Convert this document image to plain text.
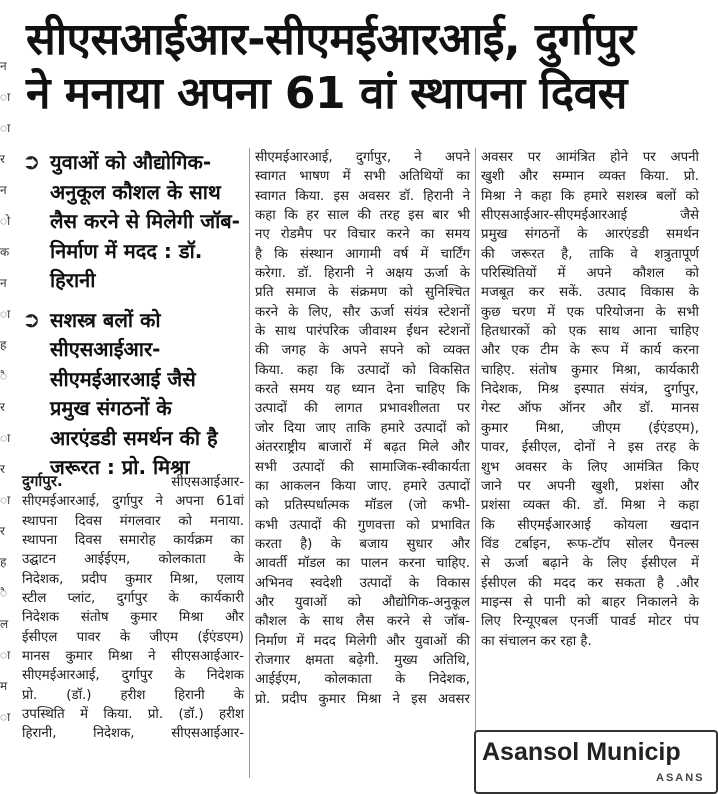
न
ा
ा
र
न
ो
क
न
ा
ह
ै
र
ा
र
ा
र
ह
ै
ल
ा
म
ा
सीएसआईआर-सीएमईआरआई, दुर्गापुर
ने मनाया अपना 61 वां स्थापना दिवस
➲ युवाओं को औद्योगिक-अनुकूल कौशल के साथ लैस करने से मिलेगी जॉब-निर्माण में मदद : डॉ. हिरानी
➲ सशस्त्र बलों को सीएसआईआर-सीएमईआरआई जैसे प्रमुख संगठनों के आरएंडडी समर्थन की है जरूरत : प्रो. मिश्रा
दुर्गापुर.	सीएसआईआर-
सीएमईआरआई, दुर्गापुर ने अपना 61वां
स्थापना दिवस मंगलवार को मनाया.
स्थापना दिवस समारोह कार्यक्रम का
उद्घाटन आईईएम, कोलकाता के
निदेशक, प्रदीप कुमार मिश्रा, एलाय
स्टील प्लांट, दुर्गापुर के कार्यकारी
निदेशक संतोष कुमार मिश्रा और
ईसीएल पावर के जीएम (ईएंडएम)
मानस कुमार मिश्रा ने सीएसआईआर-
सीएमईआरआई, दुर्गापुर के निदेशक
प्रो. (डॉ.) हरीश हिरानी के
उपस्थिति में किया. प्रो. (डॉ.) हरीश
हिरानी, निदेशक, सीएसआईआर-
सीएमईआरआई, दुर्गापुर, ने अपने
स्वागत भाषण में सभी अतिथियों का
स्वागत किया. इस अवसर डॉ. हिरानी ने
कहा कि हर साल की तरह इस बार भी
नए रोडमैप पर विचार करने का समय
है कि संस्थान आगामी वर्ष में चार्टिंग
करेगा. डॉ. हिरानी ने अक्षय ऊर्जा के
प्रति समाज के संक्रमण को सुनिश्चित
करने के लिए, सौर ऊर्जा संयंत्र स्टेशनों
के साथ पारंपरिक जीवाश्म ईंधन स्टेशनों
की जगह के अपने सपने को व्यक्त
किया. कहा कि उत्पादों को विकसित
करते समय यह ध्यान देना चाहिए कि
उत्पादों की लागत प्रभावशीलता पर
जोर दिया जाए ताकि हमारे उत्पादों को
अंतरराष्ट्रीय बाजारों में बढ़त मिले और
सभी उत्पादों की सामाजिक-स्वीकार्यता
का आकलन किया जाए. हमारे उत्पादों
को प्रतिस्पर्धात्मक मॉडल (जो कभी-
कभी उत्पादों की गुणवत्ता को प्रभावित
करता है) के बजाय सुधार और
आवर्ती मॉडल का पालन करना चाहिए.
अभिनव स्वदेशी उत्पादों के विकास
और युवाओं को औद्योगिक-अनुकूल
कौशल के साथ लैस करने से जॉब-
निर्माण में मदद मिलेगी और युवाओं की
रोजगार क्षमता बढ़ेगी. मुख्य अतिथि,
आईईएम, कोलकाता के निदेशक,
प्रो. प्रदीप कुमार मिश्रा ने इस अवसर
अवसर पर आमंत्रित होने पर अपनी
खुशी और सम्मान व्यक्त किया. प्रो.
मिश्रा ने कहा कि हमारे सशस्त्र बलों को
सीएसआईआर-सीएमईआरआई जैसे
प्रमुख संगठनों के आरएंडडी समर्थन
की जरूरत है, ताकि वे शत्रुतापूर्ण
परिस्थितियों में अपने कौशल को
मजबूत कर सकें. उत्पाद विकास के
कुछ चरण में एक परियोजना के सभी
हितधारकों को एक साथ आना चाहिए
और एक टीम के रूप में कार्य करना
चाहिए. संतोष कुमार मिश्रा, कार्यकारी
निदेशक, मिश्र इस्पात संयंत्र, दुर्गापुर,
गेस्ट ऑफ ऑनर और डॉ. मानस
कुमार मिश्रा, जीएम (ईएंडएम),
पावर, ईसीएल, दोनों ने इस तरह के
शुभ अवसर के लिए आमंत्रित किए
जाने पर अपनी खुशी, प्रशंसा और
प्रशंसा व्यक्त की. डॉ. मिश्रा ने कहा
कि सीएमईआरआई कोयला खदान
विंड टर्बाइन, रूफ-टॉप सोलर पैनल्स
से ऊर्जा बढ़ाने के लिए ईसीएल में
ईसीएल की मदद कर सकता है .और
माइन्स से पानी को बाहर निकालने के
लिए रिन्यूएबल एनर्जी पावर्ड मोटर पंप
का संचालन कर रहा है.
Asansol Municip
ASANS
